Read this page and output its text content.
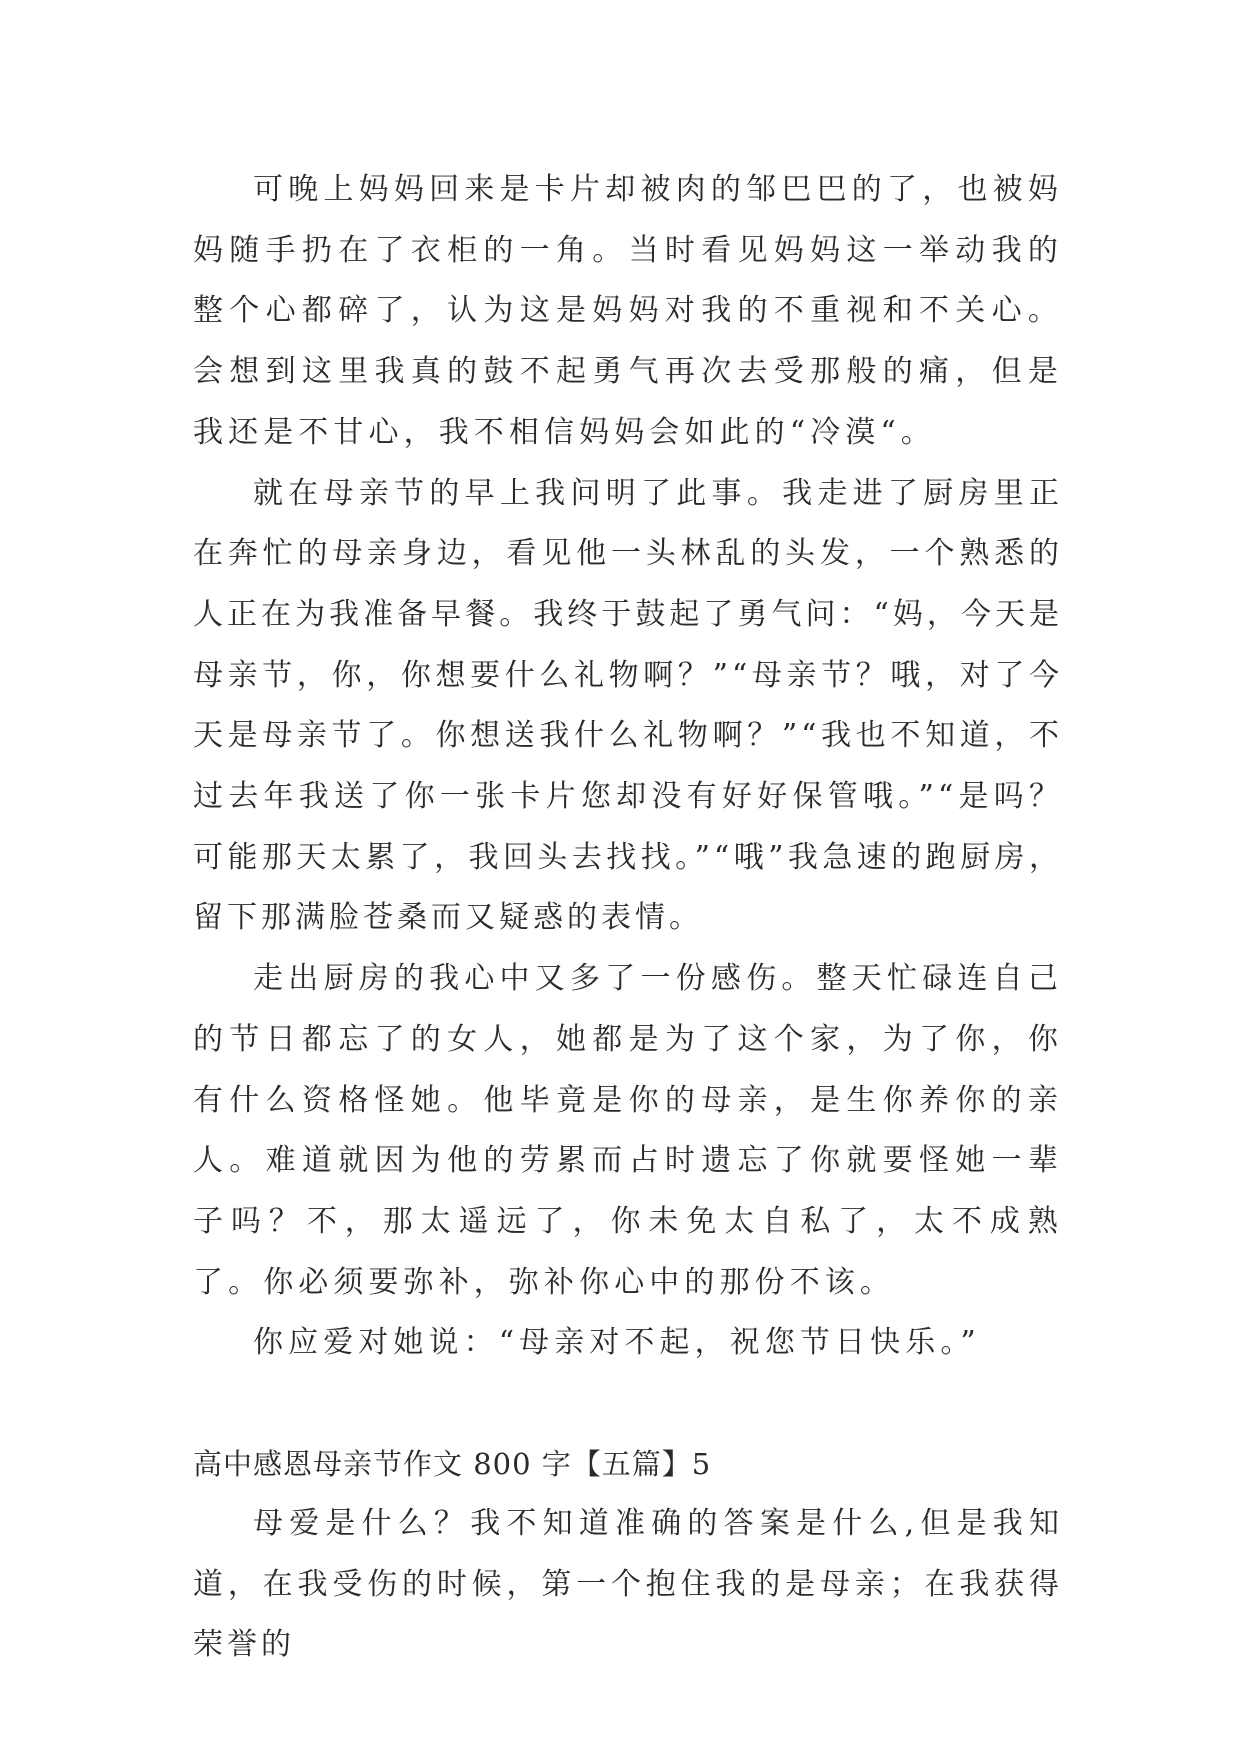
可晚上妈妈回来是卡片却被肉的邹巴巴的了，也被妈妈随手扔在了衣柜的一角。当时看见妈妈这一举动我的整个心都碎了，认为这是妈妈对我的不重视和不关心。会想到这里我真的鼓不起勇气再次去受那般的痛，但是我还是不甘心，我不相信妈妈会如此的“冷漠“。

就在母亲节的早上我问明了此事。我走进了厨房里正在奔忙的母亲身边，看见他一头林乱的头发，一个熟悉的人正在为我准备早餐。我终于鼓起了勇气问：“妈，今天是母亲节，你，你想要什么礼物啊？”“母亲节？哦，对了今天是母亲节了。你想送我什么礼物啊？”“我也不知道，不过去年我送了你一张卡片您却没有好好保管哦。”“是吗？可能那天太累了，我回头去找找。”“哦”我急速的跑厨房，留下那满脸苍桑而又疑惑的表情。

走出厨房的我心中又多了一份感伤。整天忙碌连自己的节日都忘了的女人，她都是为了这个家，为了你，你有什么资格怪她。他毕竟是你的母亲，是生你养你的亲人。难道就因为他的劳累而占时遗忘了你就要怪她一辈子吗？不，那太遥远了，你未免太自私了，太不成熟了。你必须要弥补，弥补你心中的那份不该。

你应爱对她说：“母亲对不起，祝您节日快乐。”

高中感恩母亲节作文 800 字【五篇】5

母爱是什么？我不知道准确的答案是什么,但是我知道，在我受伤的时候，第一个抱住我的是母亲；在我获得荣誉的
